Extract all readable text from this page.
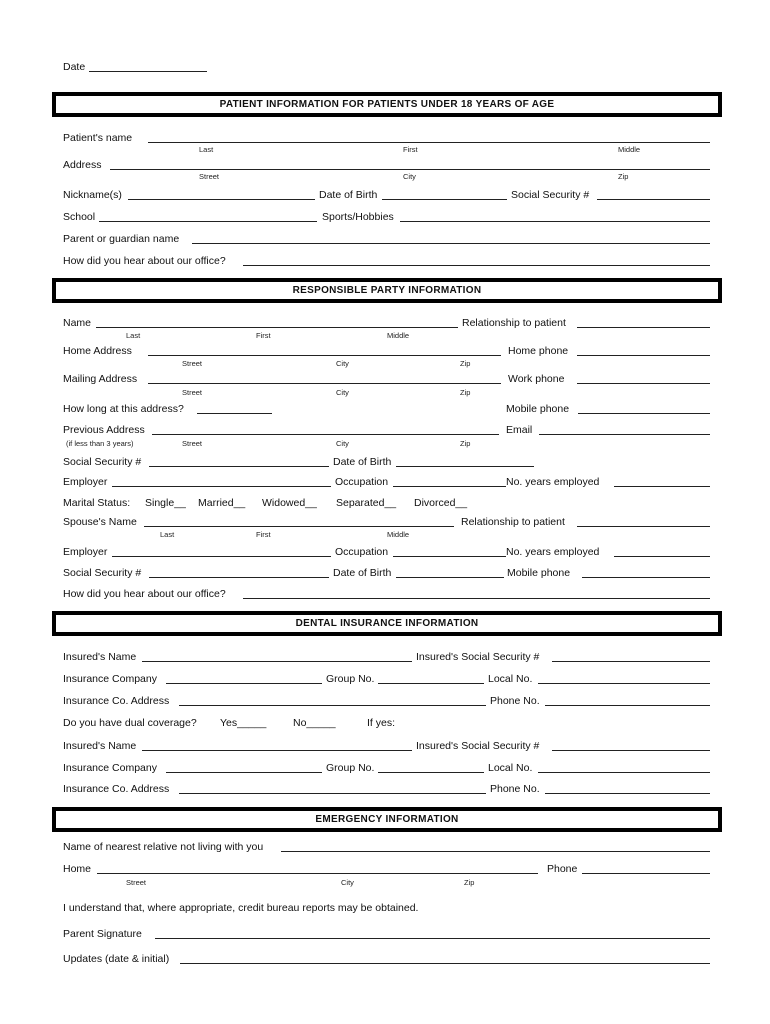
Date
PATIENT INFORMATION FOR PATIENTS UNDER 18 YEARS OF AGE
Patient's name
Last	First	Middle
Address
Street	City	Zip
Nickname(s)	Date of Birth	Social Security #
School	Sports/Hobbies
Parent or guardian name
How did you hear about our office?
RESPONSIBLE PARTY INFORMATION
Name	Relationship to patient
Last	First	Middle
Home Address	Home phone
Street	City	Zip
Mailing Address	Work phone
Street	City	Zip
How long at this address?	Mobile phone
Previous Address	Email
(if less than 3 years)	Street	City	Zip
Social Security #	Date of Birth
Employer	Occupation	No. years employed
Marital Status: Single__ Married__ Widowed__ Separated__ Divorced__
Spouse's Name	Relationship to patient
Last	First	Middle
Employer	Occupation	No. years employed
Social Security #	Date of Birth	Mobile phone
How did you hear about our office?
DENTAL INSURANCE INFORMATION
Insured's Name	Insured's Social Security #
Insurance Company	Group No.	Local No.
Insurance Co. Address	Phone No.
Do you have dual coverage? Yes_____	No_____	If yes:
Insured's Name	Insured's Social Security #
Insurance Company	Group No.	Local No.
Insurance Co. Address	Phone No.
EMERGENCY INFORMATION
Name of nearest relative not living with you
Home	Phone
Street	City	Zip
I understand that, where appropriate, credit bureau reports may be obtained.
Parent Signature
Updates (date & initial)
